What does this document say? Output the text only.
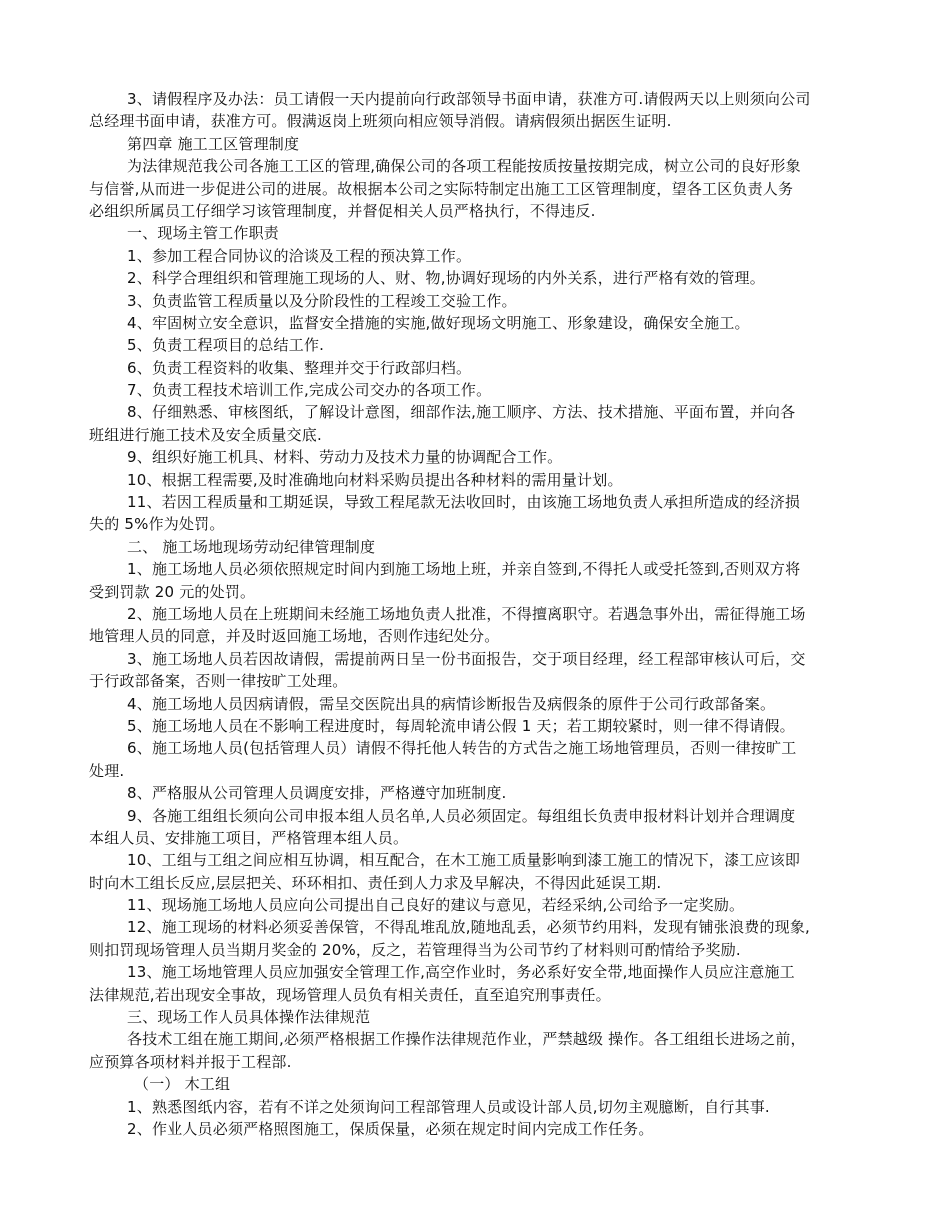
3、请假程序及办法：员工请假一天内提前向行政部领导书面申请，获准方可.请假两天以上则须向公司
总经理书面申请，获准方可。假满返岗上班须向相应领导消假。请病假须出据医生证明.
第四章 施工工区管理制度
为法律规范我公司各施工工区的管理,确保公司的各项工程能按质按量按期完成，树立公司的良好形象
与信誉,从而进一步促进公司的进展。故根据本公司之实际特制定出施工工区管理制度，望各工区负责人务
必组织所属员工仔细学习该管理制度，并督促相关人员严格执行，不得违反.
一、现场主管工作职责
1、参加工程合同协议的洽谈及工程的预决算工作。
2、科学合理组织和管理施工现场的人、财、物,协调好现场的内外关系，进行严格有效的管理。
3、负责监管工程质量以及分阶段性的工程竣工交验工作。
4、牢固树立安全意识，监督安全措施的实施,做好现场文明施工、形象建设，确保安全施工。
5、负责工程项目的总结工作.
6、负责工程资料的收集、整理并交于行政部归档。
7、负责工程技术培训工作,完成公司交办的各项工作。
8、仔细熟悉、审核图纸，了解设计意图，细部作法,施工顺序、方法、技术措施、平面布置，并向各
班组进行施工技术及安全质量交底.
9、组织好施工机具、材料、劳动力及技术力量的协调配合工作。
10、根据工程需要,及时准确地向材料采购员提出各种材料的需用量计划。
11、若因工程质量和工期延误，导致工程尾款无法收回时，由该施工场地负责人承担所造成的经济损
失的 5%作为处罚。
二、 施工场地现场劳动纪律管理制度
1、施工场地人员必须依照规定时间内到施工场地上班，并亲自签到,不得托人或受托签到,否则双方将
受到罚款 20 元的处罚。
2、施工场地人员在上班期间未经施工场地负责人批准，不得擅离职守。若遇急事外出，需征得施工场
地管理人员的同意，并及时返回施工场地，否则作违纪处分。
3、施工场地人员若因故请假，需提前两日呈一份书面报告，交于项目经理，经工程部审核认可后，交
于行政部备案，否则一律按旷工处理。
4、施工场地人员因病请假，需呈交医院出具的病情诊断报告及病假条的原件于公司行政部备案。
5、施工场地人员在不影响工程进度时，每周轮流申请公假 1 天；若工期较紧时，则一律不得请假。
6、施工场地人员(包括管理人员）请假不得托他人转告的方式告之施工场地管理员，否则一律按旷工
处理.
8、严格服从公司管理人员调度安排，严格遵守加班制度.
9、各施工组组长须向公司申报本组人员名单,人员必须固定。每组组长负责申报材料计划并合理调度
本组人员、安排施工项目，严格管理本组人员。
10、工组与工组之间应相互协调，相互配合，在木工施工质量影响到漆工施工的情况下，漆工应该即
时向木工组长反应,层层把关、环环相扣、责任到人力求及早解决，不得因此延误工期.
11、现场施工场地人员应向公司提出自己良好的建议与意见，若经采纳,公司给予一定奖励。
12、施工现场的材料必须妥善保管，不得乱堆乱放,随地乱丢，必须节约用料，发现有铺张浪费的现象,
则扣罚现场管理人员当期月奖金的 20%，反之，若管理得当为公司节约了材料则可酌情给予奖励.
13、施工场地管理人员应加强安全管理工作,高空作业时，务必系好安全带,地面操作人员应注意施工
法律规范,若出现安全事故，现场管理人员负有相关责任，直至追究刑事责任。
三、现场工作人员具体操作法律规范
各技术工组在施工期间,必须严格根据工作操作法律规范作业，严禁越级 操作。各工组组长进场之前，
应预算各项材料并报于工程部.
（一） 木工组
1、熟悉图纸内容，若有不详之处须询问工程部管理人员或设计部人员,切勿主观臆断，自行其事.
2、作业人员必须严格照图施工，保质保量，必须在规定时间内完成工作任务。
